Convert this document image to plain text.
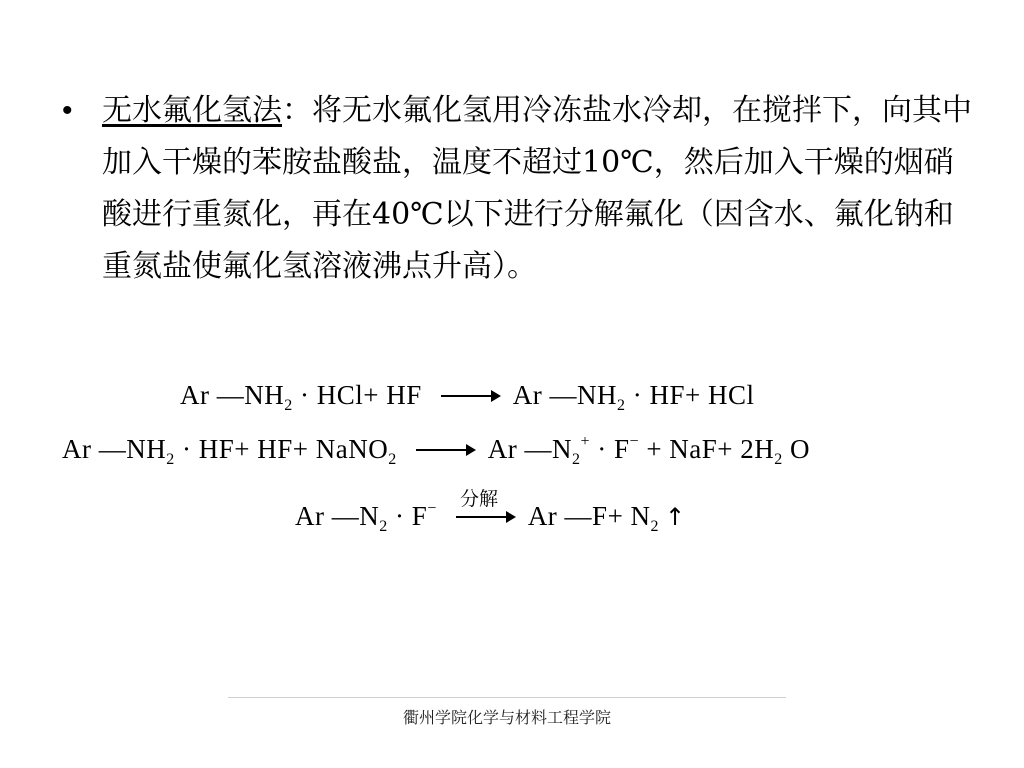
• 无水氟化氢法：将无水氟化氢用冷冻盐水冷却，在搅拌下，向其中加入干燥的苯胺盐酸盐，温度不超过10℃，然后加入干燥的烟硝酸进行重氮化，再在40℃以下进行分解氟化（因含水、氟化钠和重氮盐使氟化氢溶液沸点升高）。
Ar $—NH_2 \cdot HCl+$ HF	Ar $—NH_2 \cdot HF+$ HCl
Ar $—NH_2 \cdot HF+ HF+$ NaNO$_2$	Ar $—N_2^+ \cdot F^- + NaF+ 2H_2$ O
Ar $—N_2 \cdot F^-$ 分解
Ar —F+ $N_2$ ↑
衢州学院化学与材料工程学院
